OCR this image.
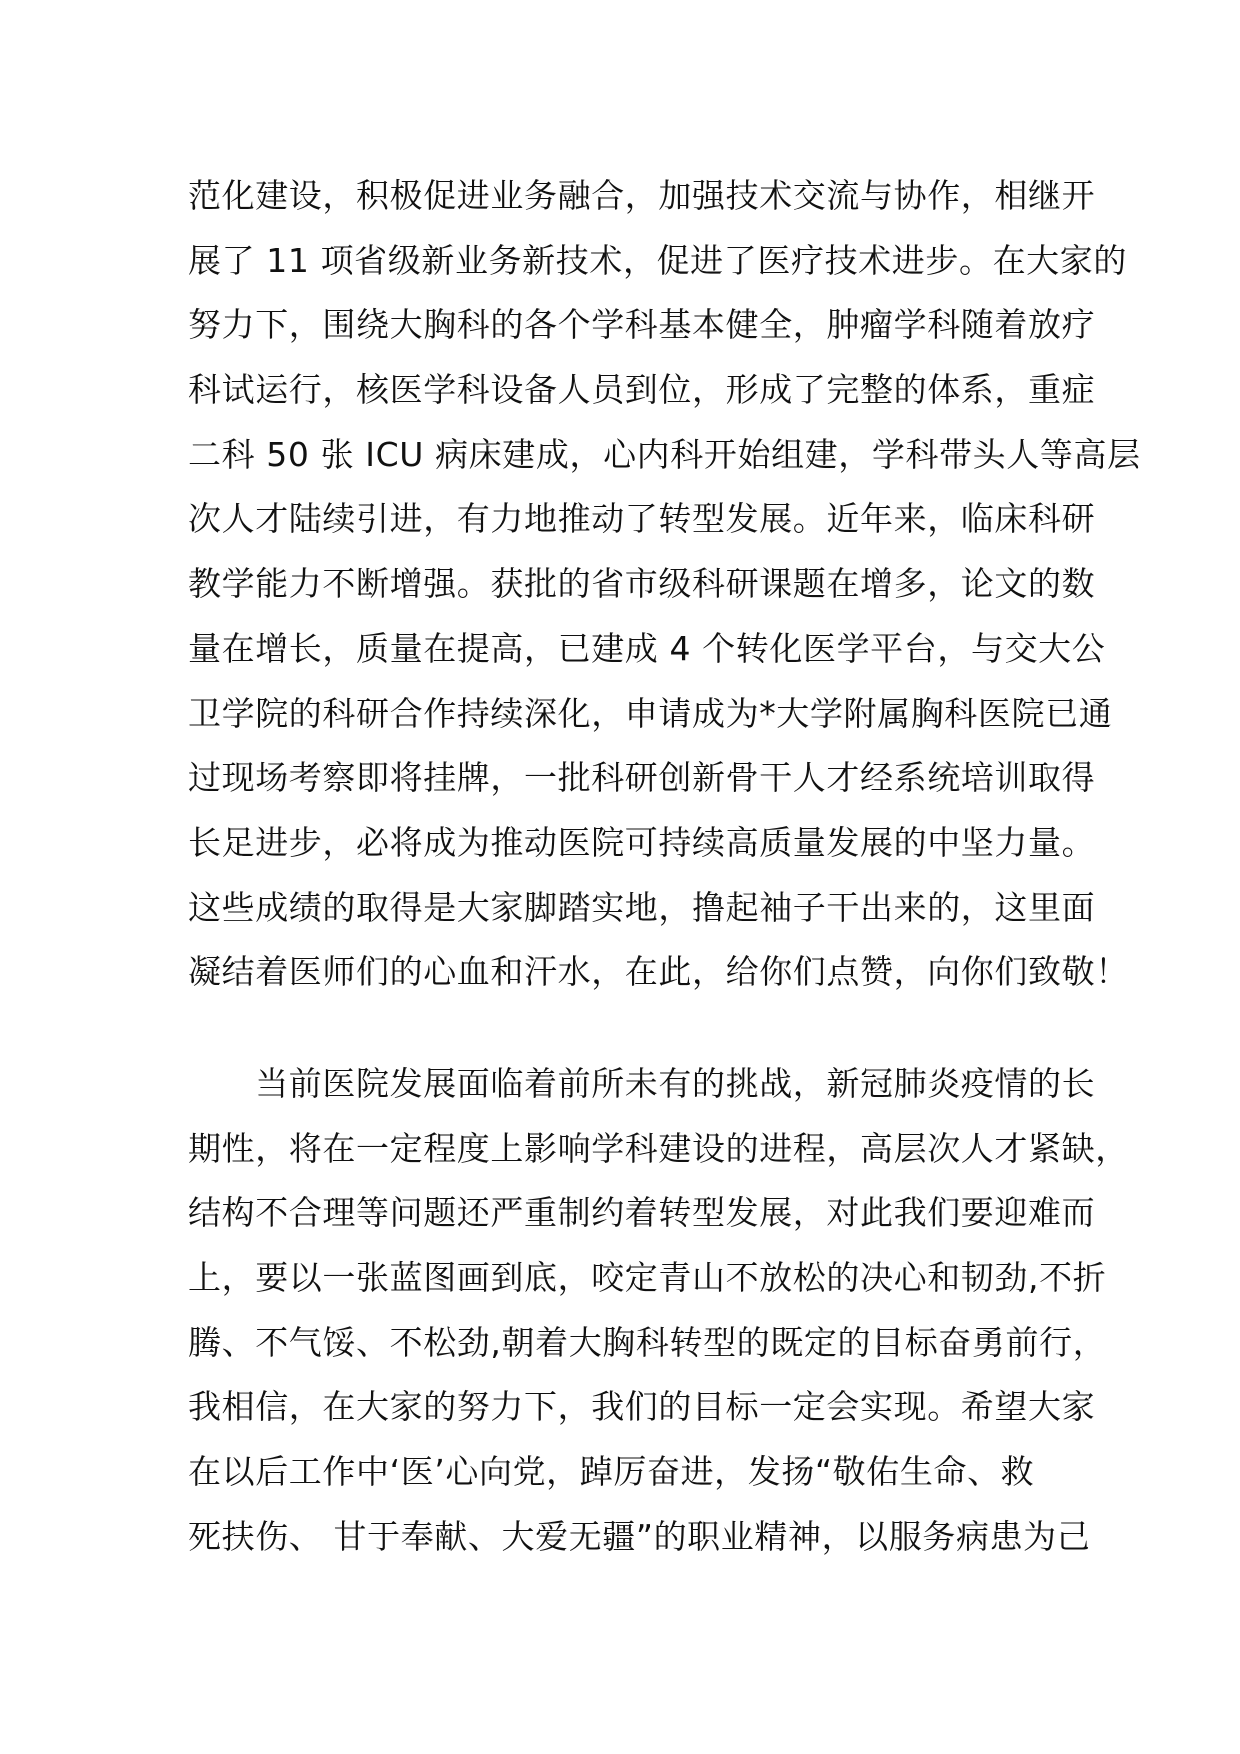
范化建设，积极促进业务融合，加强技术交流与协作，相继开
展了 11 项省级新业务新技术，促进了医疗技术进步。在大家的
努力下，围绕大胸科的各个学科基本健全，肿瘤学科随着放疗
科试运行，核医学科设备人员到位，形成了完整的体系，重症
二科 50 张 ICU 病床建成，心内科开始组建，学科带头人等高层
次人才陆续引进，有力地推动了转型发展。近年来，临床科研
教学能力不断增强。获批的省市级科研课题在增多，论文的数
量在增长，质量在提高，已建成 4 个转化医学平台，与交大公
卫学院的科研合作持续深化，申请成为*大学附属胸科医院已通
过现场考察即将挂牌，一批科研创新骨干人才经系统培训取得
长足进步，必将成为推动医院可持续高质量发展的中坚力量。
这些成绩的取得是大家脚踏实地，撸起袖子干出来的，这里面
凝结着医师们的心血和汗水，在此，给你们点赞，向你们致敬！
　　当前医院发展面临着前所未有的挑战，新冠肺炎疫情的长
期性，将在一定程度上影响学科建设的进程，高层次人才紧缺，
结构不合理等问题还严重制约着转型发展，对此我们要迎难而
上，要以一张蓝图画到底，咬定青山不放松的决心和韧劲,不折
腾、不气馁、不松劲,朝着大胸科转型的既定的目标奋勇前行，
我相信，在大家的努力下，我们的目标一定会实现。希望大家
在以后工作中‘医’心向党，踔厉奋进，发扬“敬佑生命、救
死扶伤、 甘于奉献、大爱无疆”的职业精神，以服务病患为己
